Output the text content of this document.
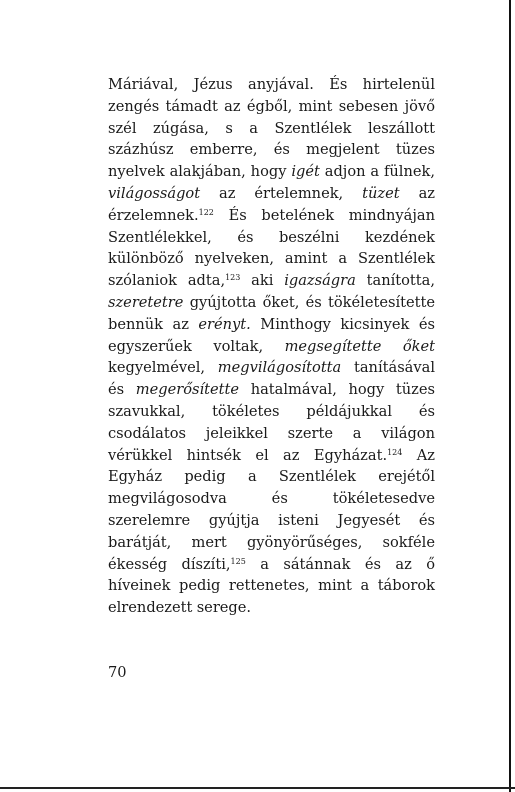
Máriával, Jézus anyjával. És hirtelenül zengés támadt az égből, mint sebesen jövő szél zúgása, s a Szentlélek leszállott százhúsz emberre, és megjelent tüzes nyelvek alakjában, hogy igét adjon a fülnek, világosságot az értelemnek, tüzet az érzelemnek.$^{122}$ És betelének mindnyájan Szentlélekkel, és beszélni kezdének különböző nyelveken, amint a Szentlélek szólaniok adta,$^{123}$ aki igazságra tanította, szeretetre gyújtotta őket, és tökéletesítette bennük az erényt. Minthogy kicsinyek és egyszerűek voltak, megsegítette őket kegyelmével, megvilágosította tanításával és megerősítette hatalmával, hogy tüzes szavukkal, tökéletes példájukkal és csodálatos jeleikkel szerte a világon vérükkel hintsék el az Egyházat.$^{124}$ Az Egyház pedig a Szentlélek erejétől megvilágosodva és tökéletesedve szerelemre gyújtja isteni Jegyesét és barátját, mert gyönyörűséges, sokféle ékesség díszíti,$^{125}$ a sátánnak és az ő híveinek pedig rettenetes, mint a táborok elrendezett serege.

70
